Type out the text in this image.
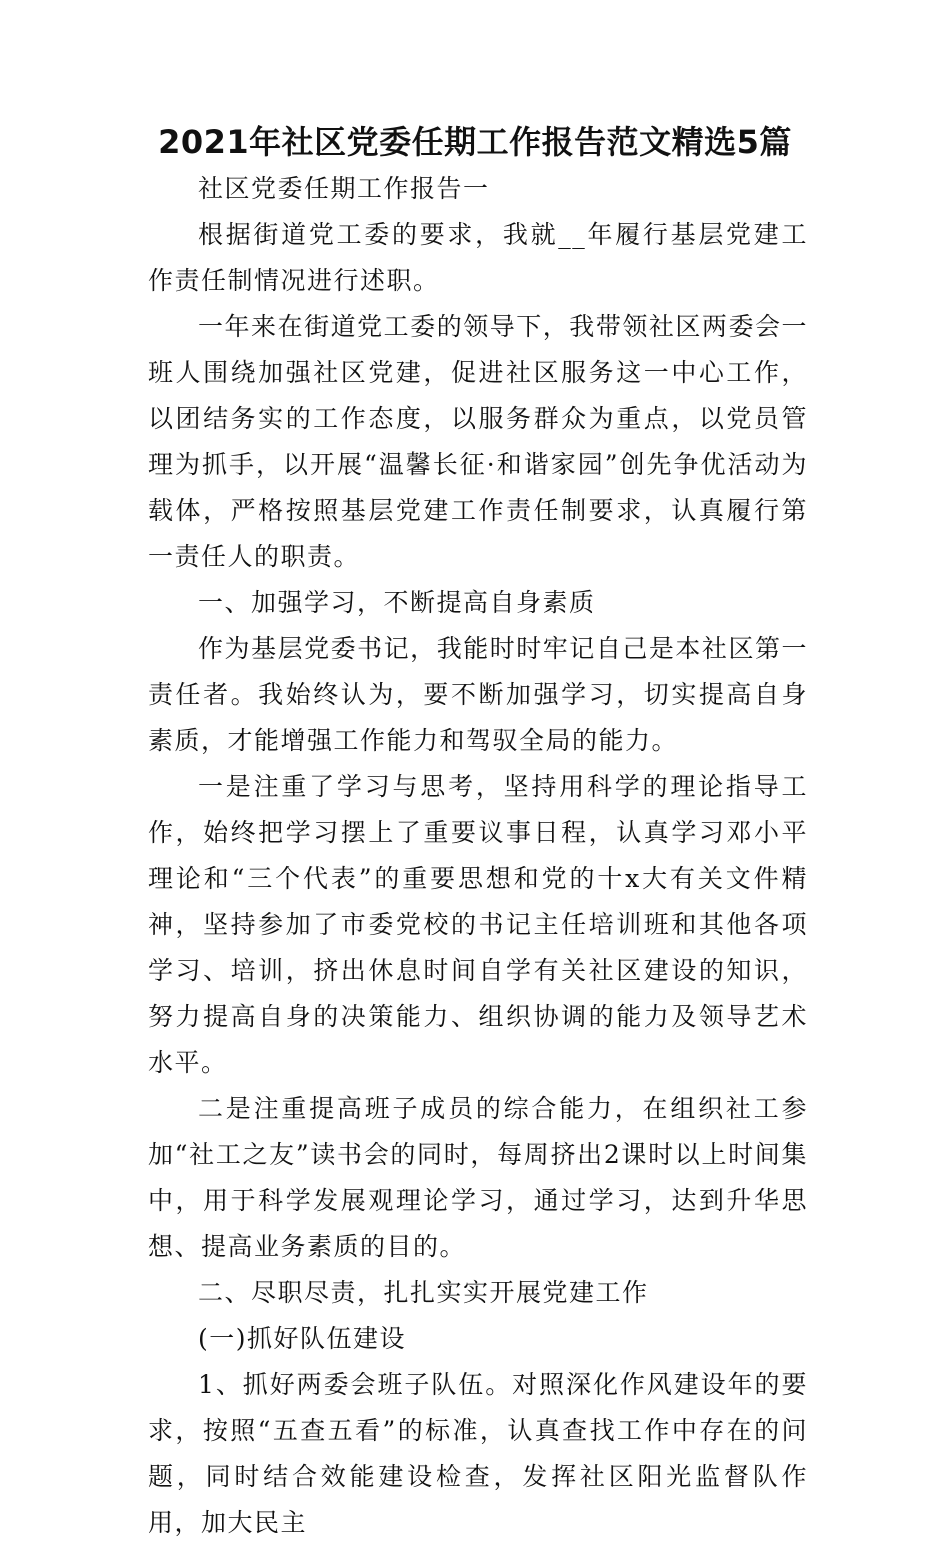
2021年社区党委任期工作报告范文精选5篇

社区党委任期工作报告一

根据街道党工委的要求，我就__年履行基层党建工作责任制情况进行述职。

一年来在街道党工委的领导下，我带领社区两委会一班人围绕加强社区党建，促进社区服务这一中心工作，以团结务实的工作态度，以服务群众为重点，以党员管理为抓手，以开展“温馨长征·和谐家园”创先争优活动为载体，严格按照基层党建工作责任制要求，认真履行第一责任人的职责。

一、加强学习，不断提高自身素质

作为基层党委书记，我能时时牢记自己是本社区第一责任者。我始终认为，要不断加强学习，切实提高自身素质，才能增强工作能力和驾驭全局的能力。

一是注重了学习与思考，坚持用科学的理论指导工作，始终把学习摆上了重要议事日程，认真学习邓小平理论和“三个代表”的重要思想和党的十x大有关文件精神，坚持参加了市委党校的书记主任培训班和其他各项学习、培训，挤出休息时间自学有关社区建设的知识，努力提高自身的决策能力、组织协调的能力及领导艺术水平。

二是注重提高班子成员的综合能力，在组织社工参加“社工之友”读书会的同时，每周挤出2课时以上时间集中，用于科学发展观理论学习，通过学习，达到升华思想、提高业务素质的目的。

二、尽职尽责，扎扎实实开展党建工作

(一)抓好队伍建设

1、抓好两委会班子队伍。对照深化作风建设年的要求，按照“五查五看”的标准，认真查找工作中存在的问题，同时结合效能建设检查，发挥社区阳光监督队作用，加大民主
